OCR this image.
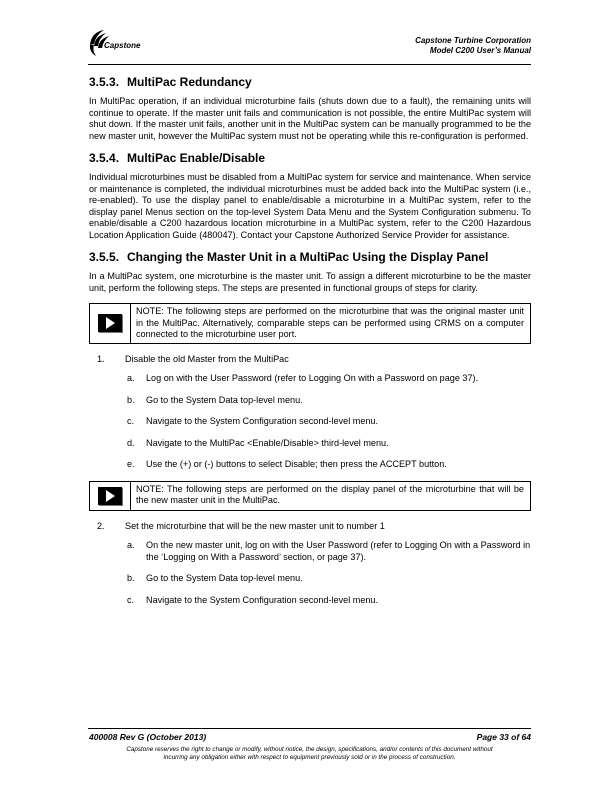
Capstone
Capstone Turbine Corporation
Model C200 User’s Manual
3.5.3. MultiPac Redundancy

In MultiPac operation, if an individual microturbine fails (shuts down due to a fault), the remaining units will continue to operate. If the master unit fails and communication is not possible, the entire MultiPac system will shut down. If the master unit fails, another unit in the MultiPac system can be manually programmed to be the new master unit, however the MultiPac system must not be operating while this re-configuration is performed.

3.5.4. MultiPac Enable/Disable

Individual microturbines must be disabled from a MultiPac system for service and maintenance. When service or maintenance is completed, the individual microturbines must be added back into the MultiPac system (i.e., re-enabled). To use the display panel to enable/disable a microturbine in a MultiPac system, refer to the display panel Menus section on the top-level System Data Menu and the System Configuration submenu. To enable/disable a C200 hazardous location microturbine in a MultiPac system, refer to the C200 Hazardous Location Application Guide (480047). Contact your Capstone Authorized Service Provider for assistance.

3.5.5. Changing the Master Unit in a MultiPac Using the Display Panel

In a MultiPac system, one microturbine is the master unit. To assign a different microturbine to be the master unit, perform the following steps. The steps are presented in functional groups of steps for clarity.

NOTE: The following steps are performed on the microturbine that was the original master unit in the MultiPac. Alternatively, comparable steps can be performed using CRMS on a computer connected to the microturbine user port.
1. Disable the old Master from the MultiPac
a. Log on with the User Password (refer to Logging On with a Password on page 37).
b. Go to the System Data top-level menu.
c. Navigate to the System Configuration second-level menu.
d. Navigate to the MultiPac <Enable/Disable> third-level menu.
e. Use the (+) or (-) buttons to select Disable; then press the ACCEPT button.
NOTE: The following steps are performed on the display panel of the microturbine that will be the new master unit in the MultiPac.
2. Set the microturbine that will be the new master unit to number 1
a. On the new master unit, log on with the User Password (refer to Logging On with a Password in the ‘Logging on With a Password’ section, or page 37).
b. Go to the System Data top-level menu.
c. Navigate to the System Configuration second-level menu.
400008 Rev G (October 2013)	Page 33 of 64
Capstone reserves the right to change or modify, without notice, the design, specifications, and/or contents of this document without
incurring any obligation either with respect to equipment previously sold or in the process of construction.
